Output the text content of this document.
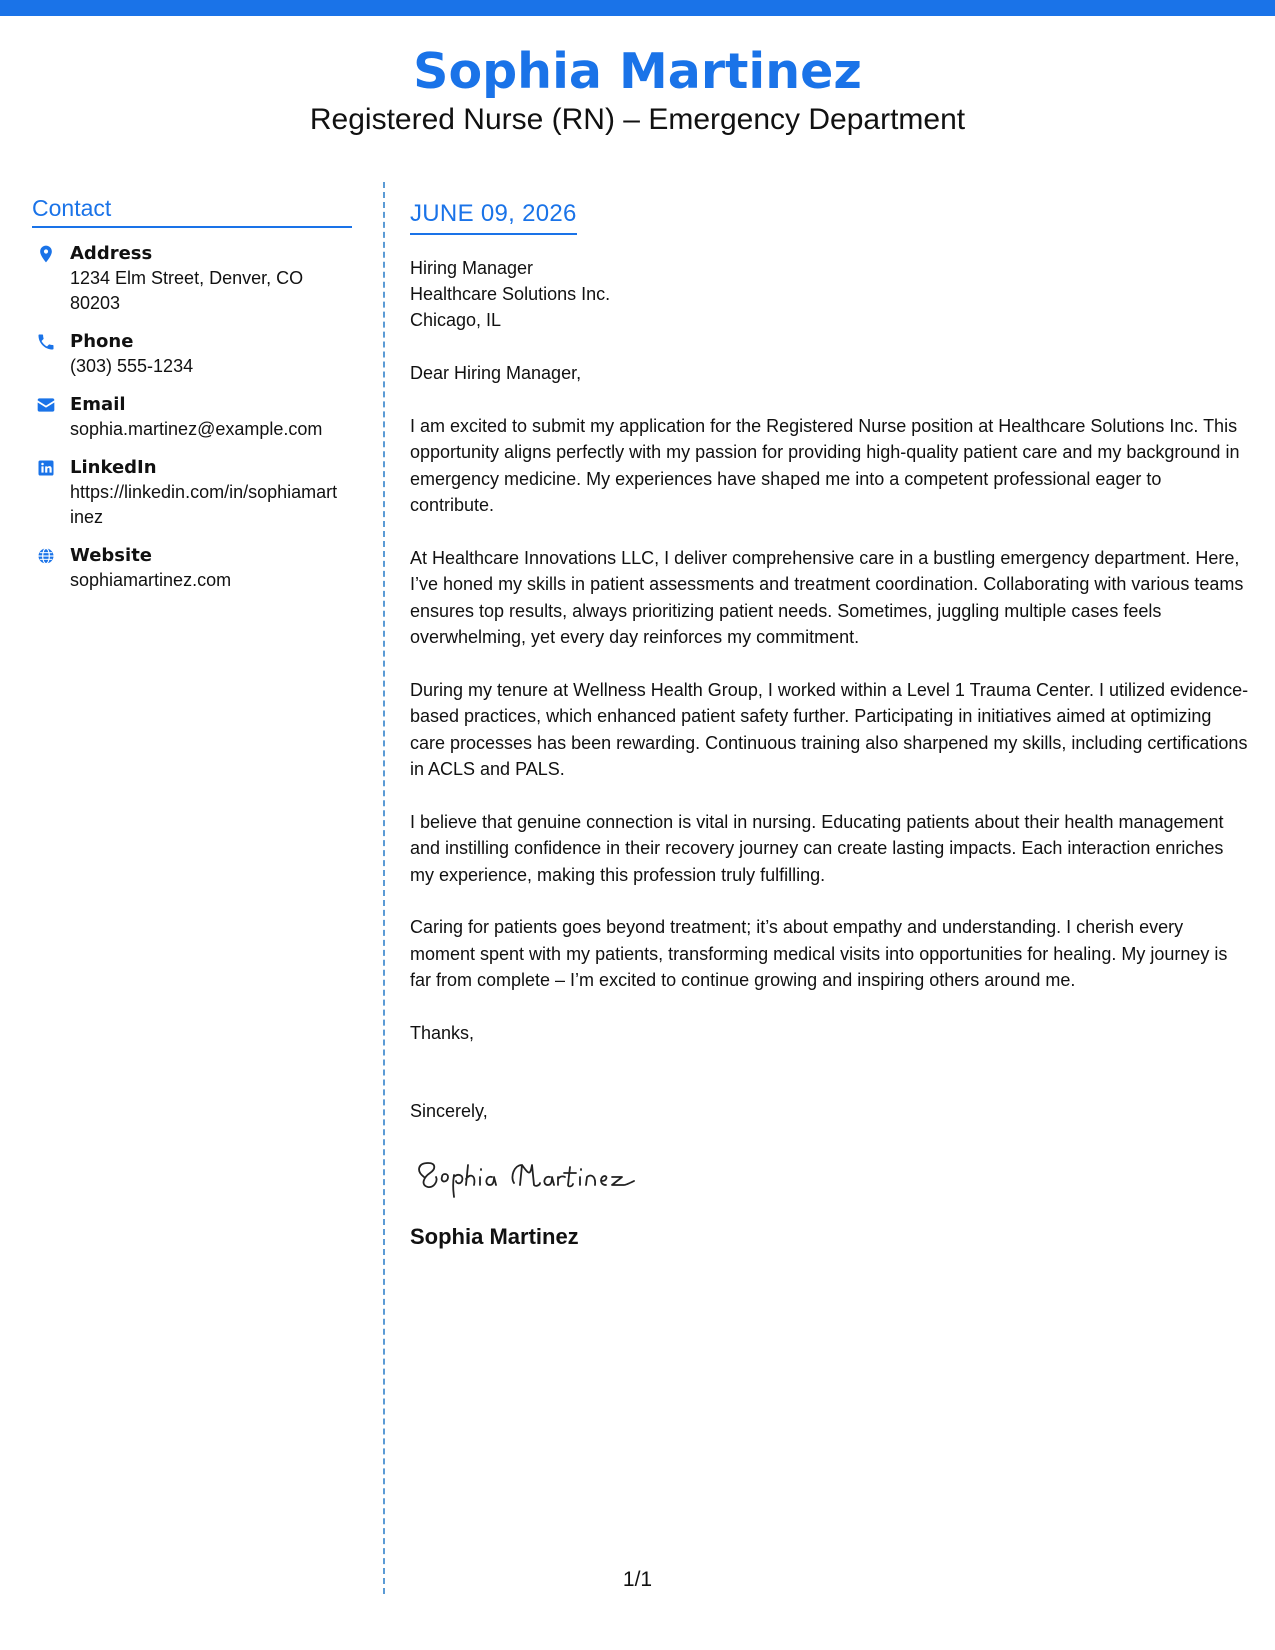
Sophia Martinez
Registered Nurse (RN) – Emergency Department
Contact
Address
1234 Elm Street, Denver, CO 80203
Phone
(303) 555-1234
Email
sophia.martinez@example.com
LinkedIn
https://linkedin.com/in/sophiamartinez
Website
sophiamartinez.com
JUNE 09, 2026
Hiring Manager
Healthcare Solutions Inc.
Chicago, IL
Dear Hiring Manager,
I am excited to submit my application for the Registered Nurse position at Healthcare Solutions Inc. This opportunity aligns perfectly with my passion for providing high-quality patient care and my background in emergency medicine. My experiences have shaped me into a competent professional eager to contribute.
At Healthcare Innovations LLC, I deliver comprehensive care in a bustling emergency department. Here, I’ve honed my skills in patient assessments and treatment coordination. Collaborating with various teams ensures top results, always prioritizing patient needs. Sometimes, juggling multiple cases feels overwhelming, yet every day reinforces my commitment.
During my tenure at Wellness Health Group, I worked within a Level 1 Trauma Center. I utilized evidence-based practices, which enhanced patient safety further. Participating in initiatives aimed at optimizing care processes has been rewarding. Continuous training also sharpened my skills, including certifications in ACLS and PALS.
I believe that genuine connection is vital in nursing. Educating patients about their health management and instilling confidence in their recovery journey can create lasting impacts. Each interaction enriches my experience, making this profession truly fulfilling.
Caring for patients goes beyond treatment; it’s about empathy and understanding. I cherish every moment spent with my patients, transforming medical visits into opportunities for healing. My journey is far from complete – I’m excited to continue growing and inspiring others around me.
Thanks,
Sincerely,
Sophia Martinez
1/1
